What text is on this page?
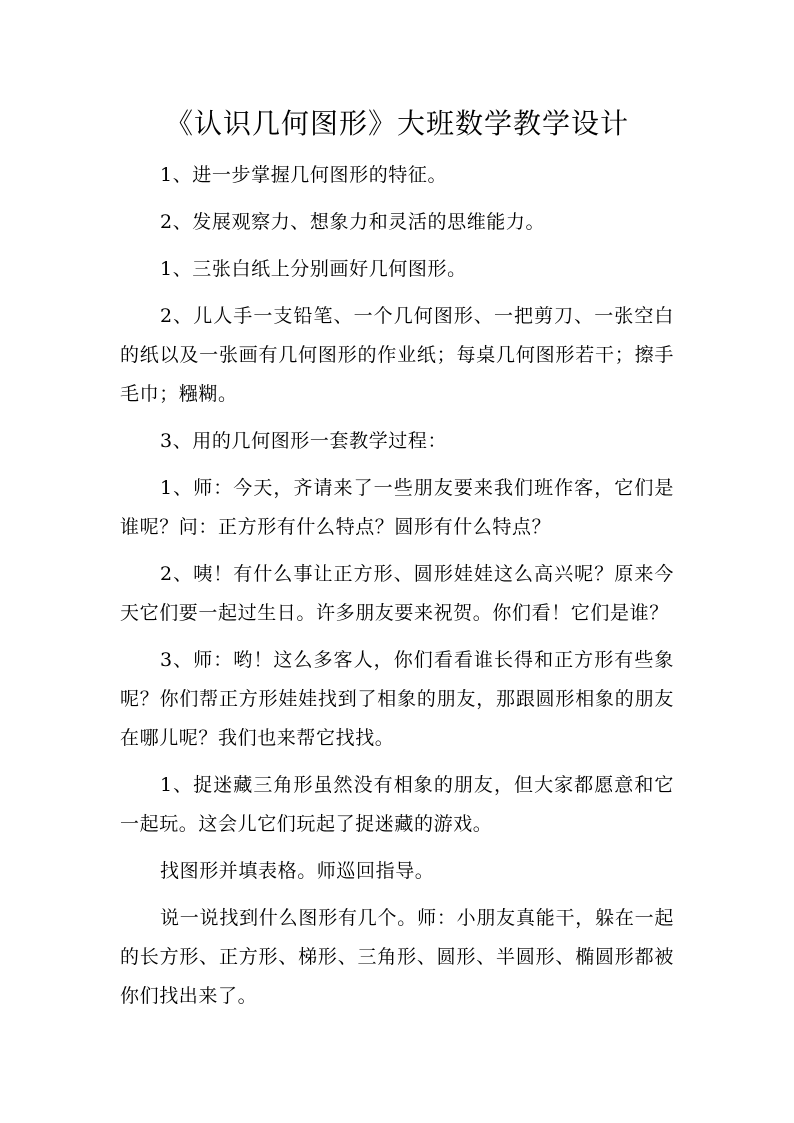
《认识几何图形》大班数学教学设计

1、进一步掌握几何图形的特征。

2、发展观察力、想象力和灵活的思维能力。

1、三张白纸上分别画好几何图形。

2、儿人手一支铅笔、一个几何图形、一把剪刀、一张空白的纸以及一张画有几何图形的作业纸；每桌几何图形若干；擦手毛巾；糨糊。

3、用的几何图形一套教学过程：

1、师：今天，齐请来了一些朋友要来我们班作客，它们是谁呢？问：正方形有什么特点？圆形有什么特点？

2、咦！有什么事让正方形、圆形娃娃这么高兴呢？原来今天它们要一起过生日。许多朋友要来祝贺。你们看！它们是谁？

3、师：哟！这么多客人，你们看看谁长得和正方形有些象呢？你们帮正方形娃娃找到了相象的朋友，那跟圆形相象的朋友在哪儿呢？我们也来帮它找找。

1、捉迷藏三角形虽然没有相象的朋友，但大家都愿意和它一起玩。这会儿它们玩起了捉迷藏的游戏。

找图形并填表格。师巡回指导。

说一说找到什么图形有几个。师：小朋友真能干，躲在一起的长方形、正方形、梯形、三角形、圆形、半圆形、椭圆形都被你们找出来了。
